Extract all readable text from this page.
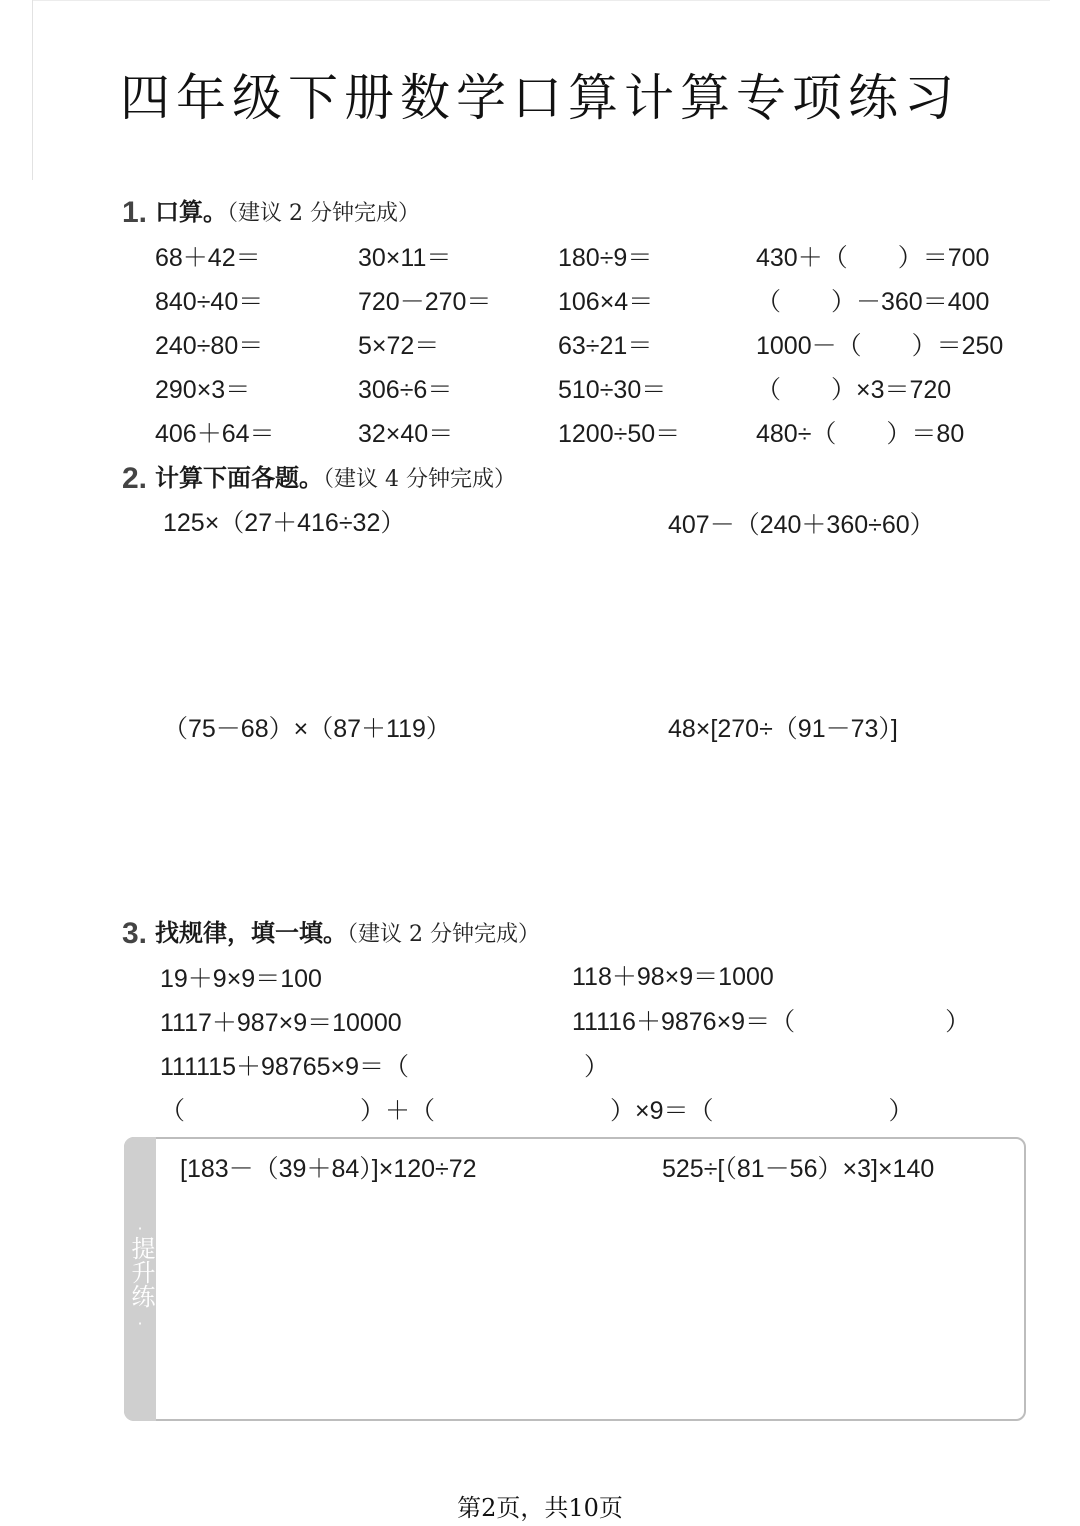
四年级下册数学口算计算专项练习
1. 口算。（建议 2 分钟完成）
68＋42＝	30×11＝	180÷9＝	430＋（　　）＝700
840÷40＝	720－270＝	106×4＝	（　　）－360＝400
240÷80＝	5×72＝	63÷21＝	1000－（　　）＝250
290×3＝	306÷6＝	510÷30＝	（　　）×3＝720
406＋64＝	32×40＝	1200÷50＝	480÷（　　）＝80
2. 计算下面各题。（建议 4 分钟完成）
125×（27＋416÷32）	407－（240＋360÷60）
（75－68）×（87＋119）	48×[270÷（91－73）]
3. 找规律，填一填。（建议 2 分钟完成）
19＋9×9＝100	118＋98×9＝1000
1117＋987×9＝10000	11116＋9876×9＝（　　　　　　）
111115＋98765×9＝（　　　　　　　）
（　　　　　　　）＋（　　　　　　　）×9＝（　　　　　　　）
·
提升练
·
[183－（39＋84）]×120÷72	525÷[（81－56）×3]×140
第2页，共10页
